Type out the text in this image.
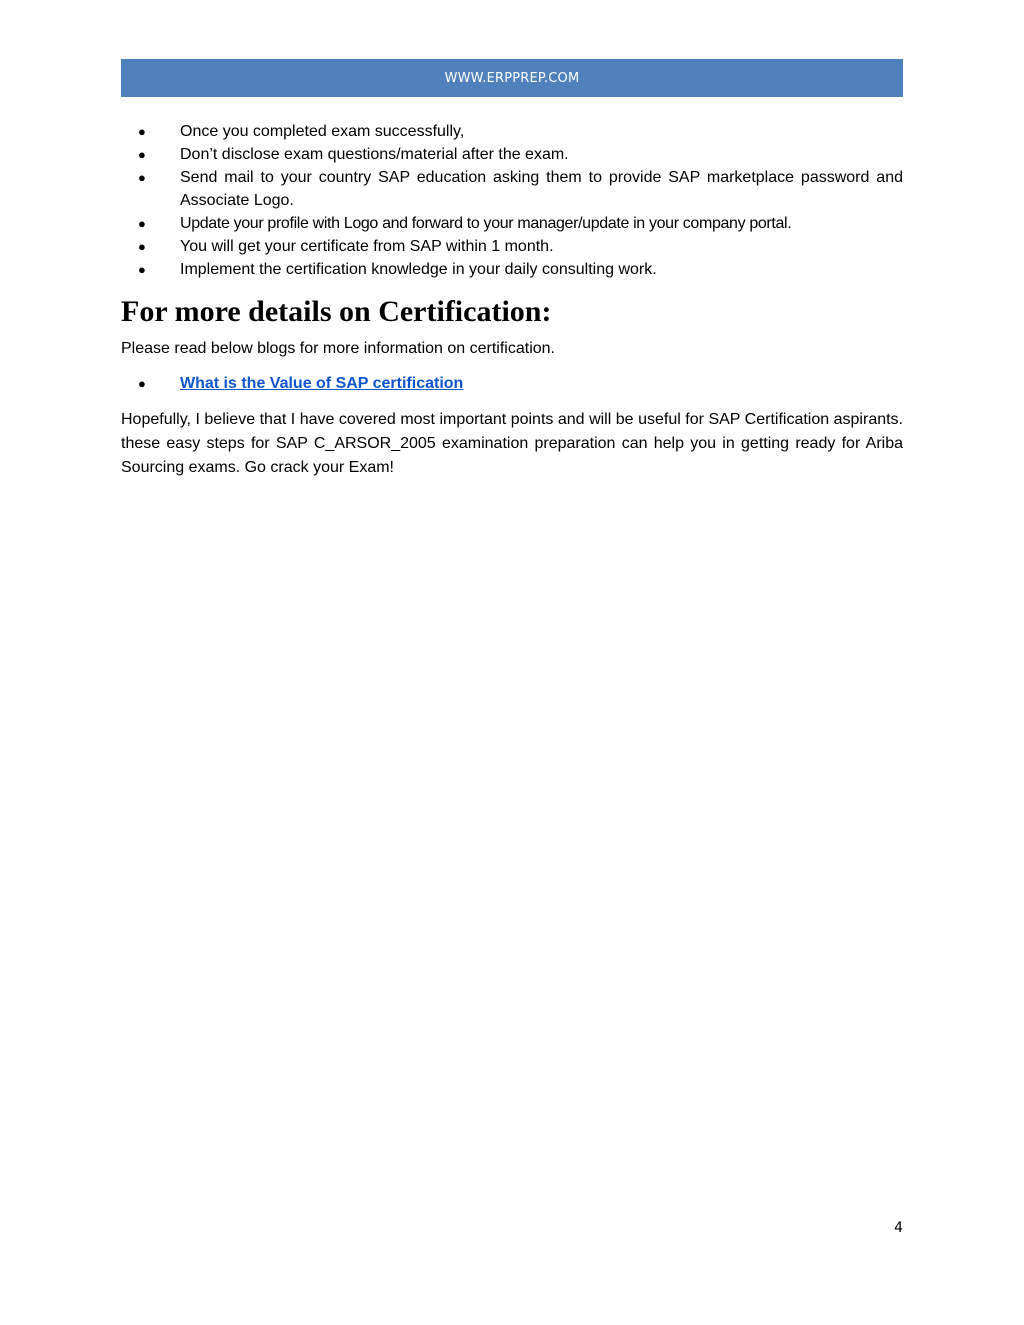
WWW.ERPPREP.COM
● Once you completed exam successfully,
● Don’t disclose exam questions/material after the exam.
● Send mail to your country SAP education asking them to provide SAP marketplace password and Associate Logo.
● Update your profile with Logo and forward to your manager/update in your company portal.
● You will get your certificate from SAP within 1 month.
● Implement the certification knowledge in your daily consulting work.
For more details on Certification:

Please read below blogs for more information on certification.

● What is the Value of SAP certification

Hopefully, I believe that I have covered most important points and will be useful for SAP Certification aspirants. these easy steps for SAP C_ARSOR_2005 examination preparation can help you in getting ready for Ariba Sourcing exams. Go crack your Exam!

4
